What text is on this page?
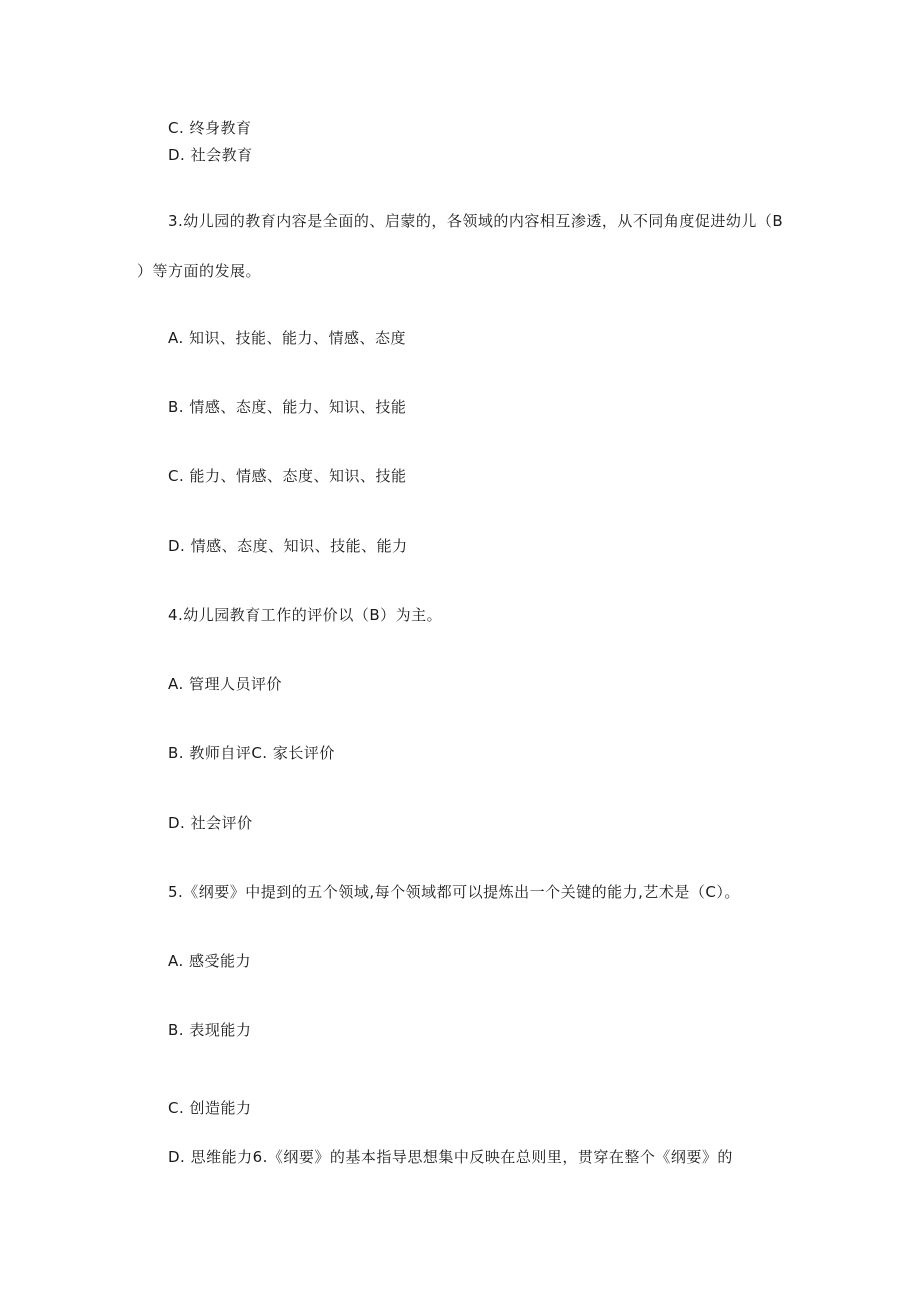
C. 终身教育
D. 社会教育
3.幼儿园的教育内容是全面的、启蒙的，各领域的内容相互渗透，从不同角度促进幼儿（B
）等方面的发展。
A. 知识、技能、能力、情感、态度
B. 情感、态度、能力、知识、技能
C. 能力、情感、态度、知识、技能
D. 情感、态度、知识、技能、能力
4.幼儿园教育工作的评价以（B）为主。
A. 管理人员评价
B. 教师自评C. 家长评价
D. 社会评价
5.《纲要》中提到的五个领域,每个领域都可以提炼出一个关键的能力,艺术是（C）。
A. 感受能力
B. 表现能力
C. 创造能力
D. 思维能力6.《纲要》的基本指导思想集中反映在总则里，贯穿在整个《纲要》的
